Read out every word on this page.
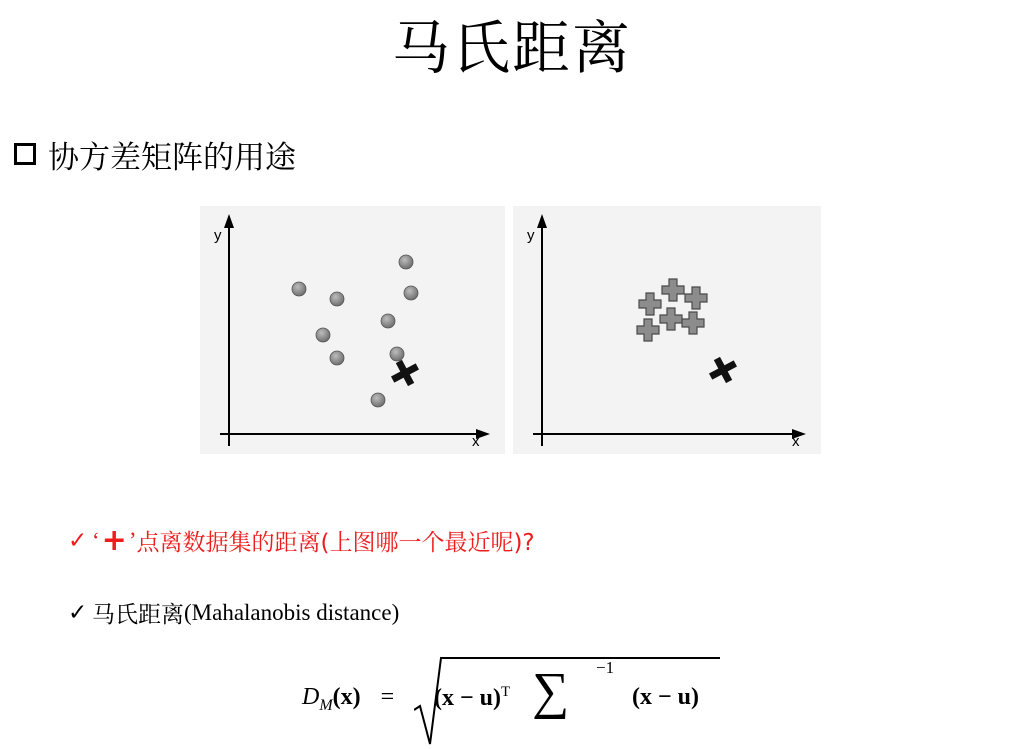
马氏距离
协方差矩阵的用途
y
x
y
x
✓ ‘ + ’ 点离数据集的距离(上图哪一个最近呢)?
✓ 马氏距离 (Mahalanobis distance)
$D_M(x) = (x - u)^T$ ∑ −1
(x − u)
